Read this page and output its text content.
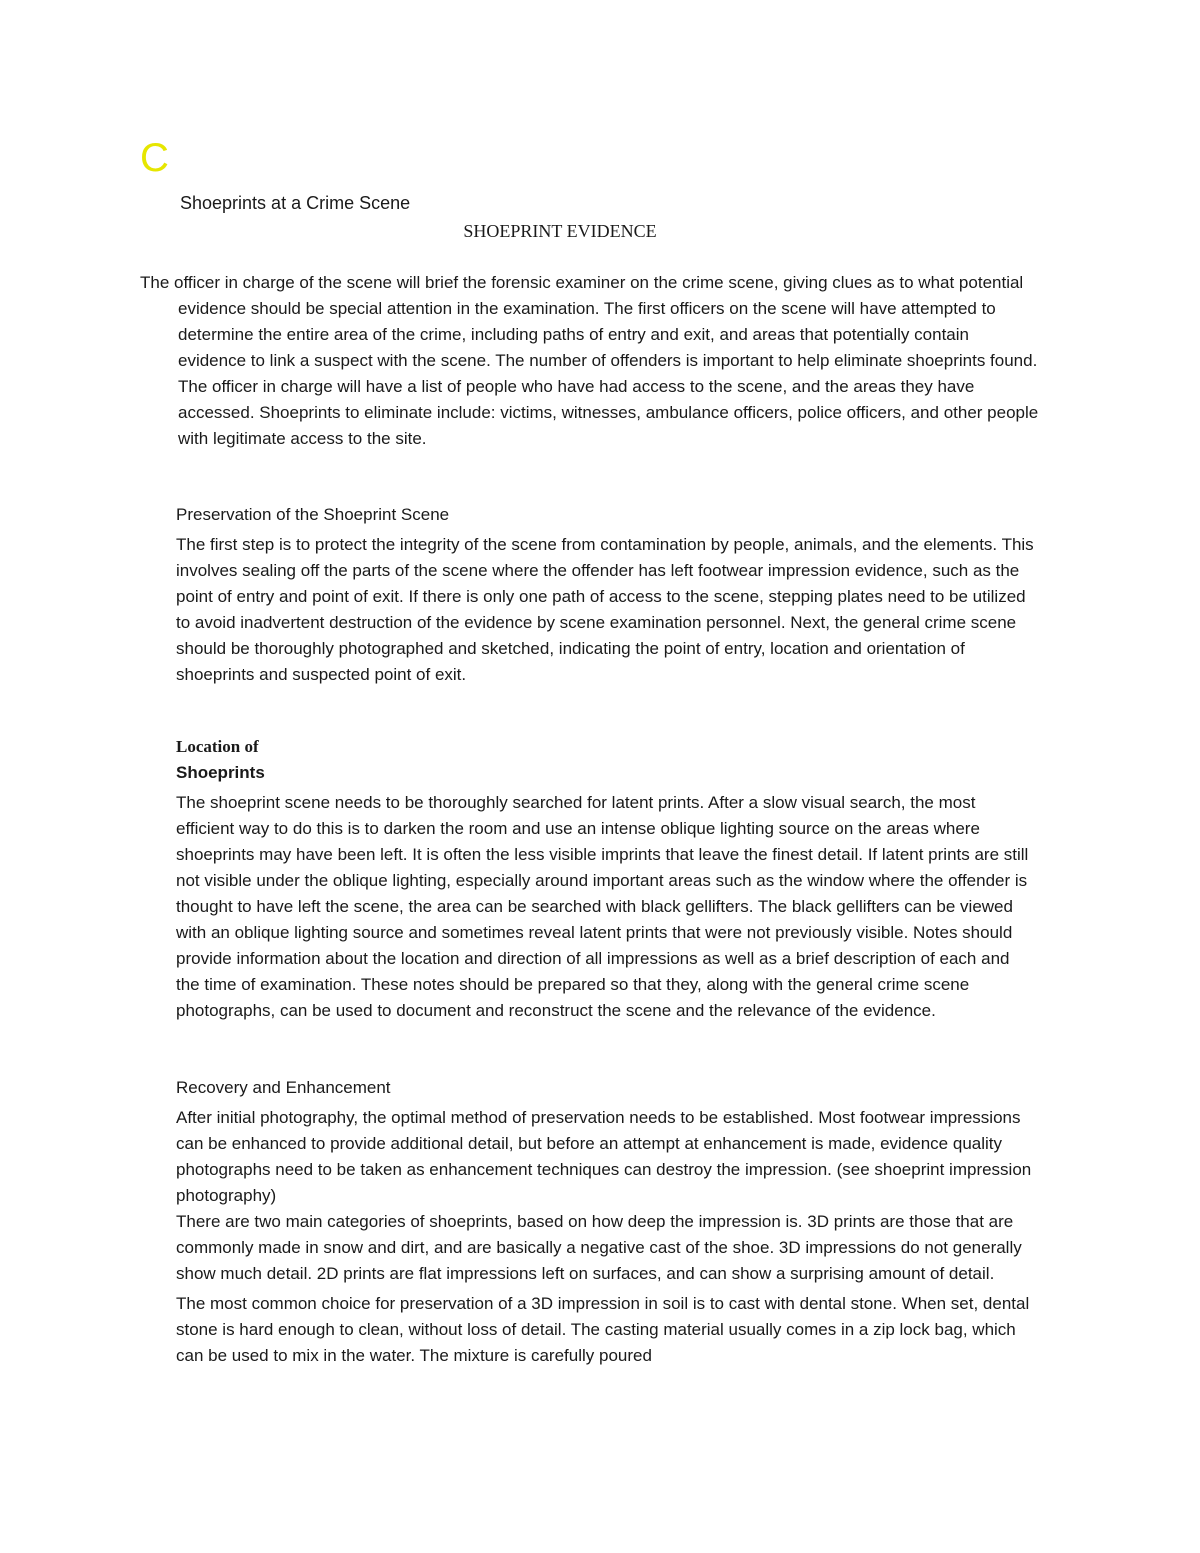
C
Shoeprints at a Crime Scene
SHOEPRINT EVIDENCE

The officer in charge of the scene will brief the forensic examiner on the crime scene, giving clues as to what potential evidence should be special attention in the examination. The first officers on the scene will have attempted to determine the entire area of the crime, including paths of entry and exit, and areas that potentially contain evidence to link a suspect with the scene. The number of offenders is important to help eliminate shoeprints found. The officer in charge will have a list of people who have had access to the scene, and the areas they have accessed. Shoeprints to eliminate include: victims, witnesses, ambulance officers, police officers, and other people with legitimate access to the site.

Preservation of the Shoeprint Scene

The first step is to protect the integrity of the scene from contamination by people, animals, and the elements. This involves sealing off the parts of the scene where the offender has left footwear impression evidence, such as the point of entry and point of exit. If there is only one path of access to the scene, stepping plates need to be utilized to avoid inadvertent destruction of the evidence by scene examination personnel. Next, the general crime scene should be thoroughly photographed and sketched, indicating the point of entry, location and orientation of shoeprints and suspected point of exit.

Location of

Shoeprints

The shoeprint scene needs to be thoroughly searched for latent prints. After a slow visual search, the most efficient way to do this is to darken the room and use an intense oblique lighting source on the areas where shoeprints may have been left. It is often the less visible imprints that leave the finest detail. If latent prints are still not visible under the oblique lighting, especially around important areas such as the window where the offender is thought to have left the scene, the area can be searched with black gellifters. The black gellifters can be viewed with an oblique lighting source and sometimes reveal latent prints that were not previously visible. Notes should provide information about the location and direction of all impressions as well as a brief description of each and the time of examination. These notes should be prepared so that they, along with the general crime scene photographs, can be used to document and reconstruct the scene and the relevance of the evidence.

Recovery and Enhancement

After initial photography, the optimal method of preservation needs to be established. Most footwear impressions can be enhanced to provide additional detail, but before an attempt at enhancement is made, evidence quality photographs need to be taken as enhancement techniques can destroy the impression. (see shoeprint impression photography)

There are two main categories of shoeprints, based on how deep the impression is. 3D prints are those that are commonly made in snow and dirt, and are basically a negative cast of the shoe. 3D impressions do not generally show much detail. 2D prints are flat impressions left on surfaces, and can show a surprising amount of detail.

The most common choice for preservation of a 3D impression in soil is to cast with dental stone. When set, dental stone is hard enough to clean, without loss of detail. The casting material usually comes in a zip lock bag, which can be used to mix in the water. The mixture is carefully poured
